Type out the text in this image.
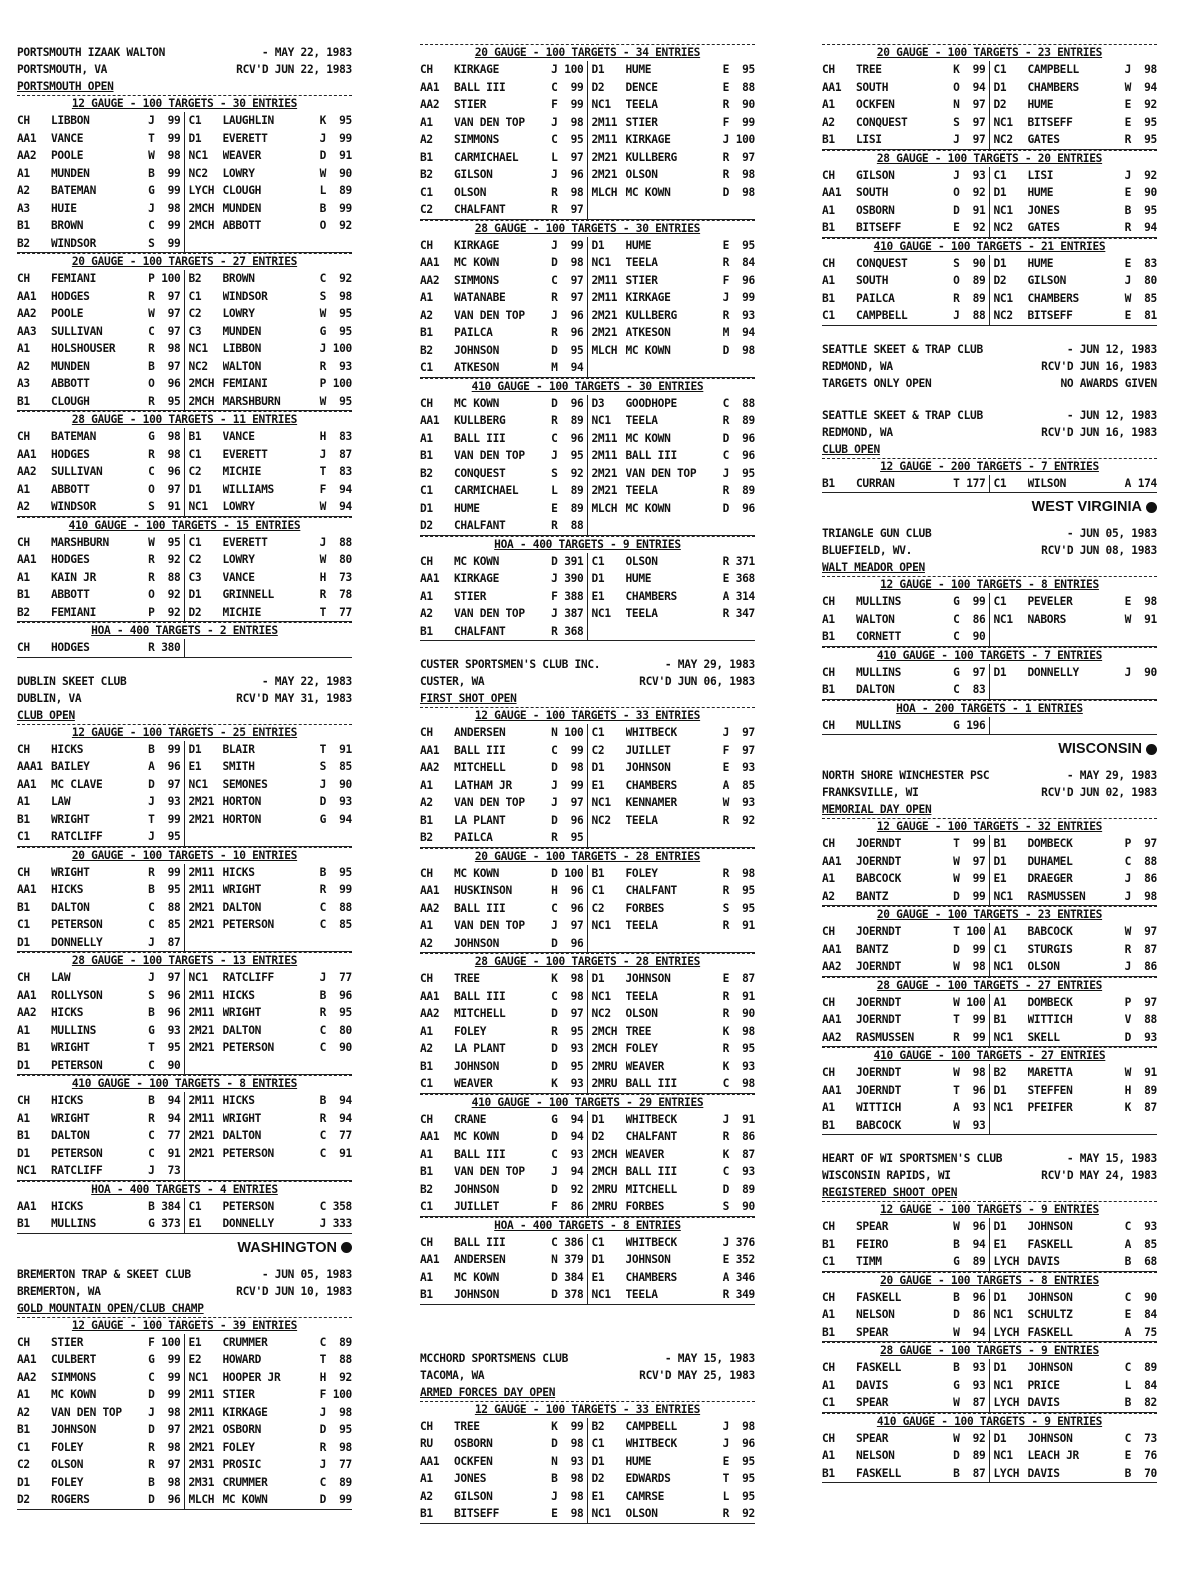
PORTSMOUTH IZAAK WALTON	- MAY 22, 1983
PORTSMOUTH, VA	RCV'D JUN 22, 1983
PORTSMOUTH OPEN
12 GAUGE - 100 TARGETS - 30 ENTRIES
CH	LIBBON	J	99 C1	LAUGHLIN	K	95
AA1	VANCE	T	99 D1	EVERETT	J	99
AA2	POOLE	W	98 NC1	WEAVER	D	91
A1	MUNDEN	B	99 NC2	LOWRY	W	90
A2	BATEMAN	G	99 LYCH CLOUGH	L	89
A3	HUIE	J	98 2MCH MUNDEN	B	99
B1	BROWN	C	99 2MCH ABBOTT	O	92
B2	WINDSOR	S	99
20 GAUGE - 100 TARGETS - 27 ENTRIES
CH	FEMIANI	P 100 B2	BROWN	C	92
AA1	HODGES	R	97 C1	WINDSOR	S	98
AA2	POOLE	W	97 C2	LOWRY	W	95
AA3	SULLIVAN	C	97 C3	MUNDEN	G	95
A1	HOLSHOUSER	R	98 NC1	LIBBON	J 100
A2	MUNDEN	B	97 NC2	WALTON	R	93
A3	ABBOTT	O	96 2MCH FEMIANI	P 100
B1	CLOUGH	R	95 2MCH MARSHBURN	W	95
28 GAUGE - 100 TARGETS - 11 ENTRIES
CH	BATEMAN	G	98 B1	VANCE	H	83
AA1	HODGES	R	98 C1	EVERETT	J	87
AA2	SULLIVAN	C	96 C2	MICHIE	T	83
A1	ABBOTT	O	97 D1	WILLIAMS	F	94
A2	WINDSOR	S	91 NC1	LOWRY	W	94
410 GAUGE - 100 TARGETS - 15 ENTRIES
CH	MARSHBURN	W	95 C1	EVERETT	J	88
AA1	HODGES	R	92 C2	LOWRY	W	80
A1	KAIN JR	R	88 C3	VANCE	H	73
B1	ABBOTT	O	92 D1	GRINNELL	R	78
B2	FEMIANI	P	92 D2	MICHIE	T	77
HOA - 400 TARGETS - 2 ENTRIES
CH	HODGES	R 380
DUBLIN SKEET CLUB	- MAY 22, 1983
DUBLIN, VA	RCV'D MAY 31, 1983
CLUB OPEN
12 GAUGE - 100 TARGETS - 25 ENTRIES
CH	HICKS	B	99 D1	BLAIR	T	91
AAA1 BAILEY	A	96 E1	SMITH	S	85
AA1	MC CLAVE	D	97 NC1	SEMONES	J	90
A1	LAW	J	93 2M21 HORTON	D	93
B1	WRIGHT	T	99 2M21 HORTON	G	94
C1	RATCLIFF	J	95
20 GAUGE - 100 TARGETS - 10 ENTRIES
CH	WRIGHT	R	99 2M11 HICKS	B	95
AA1	HICKS	B	95 2M11 WRIGHT	R	99
B1	DALTON	C	88 2M21 DALTON	C	88
C1	PETERSON	C	85 2M21 PETERSON	C	85
D1	DONNELLY	J	87
28 GAUGE - 100 TARGETS - 13 ENTRIES
CH	LAW	J	97 NC1	RATCLIFF	J	77
AA1	ROLLYSON	S	96 2M11 HICKS	B	96
AA2	HICKS	B	96 2M11 WRIGHT	R	95
A1	MULLINS	G	93 2M21 DALTON	C	80
B1	WRIGHT	T	95 2M21 PETERSON	C	90
D1	PETERSON	C	90
410 GAUGE - 100 TARGETS - 8 ENTRIES
CH	HICKS	B	94 2M11 HICKS	B	94
A1	WRIGHT	R	94 2M11 WRIGHT	R	94
B1	DALTON	C	77 2M21 DALTON	C	77
D1	PETERSON	C	91 2M21 PETERSON	C	91
NC1	RATCLIFF	J	73
HOA - 400 TARGETS - 4 ENTRIES
AA1	HICKS	B 384 C1	PETERSON	C 358
B1	MULLINS	G 373 E1	DONNELLY	J 333
WASHINGTON
BREMERTON TRAP & SKEET CLUB	- JUN 05, 1983
BREMERTON, WA	RCV'D JUN 10, 1983
GOLD MOUNTAIN OPEN/CLUB CHAMP
12 GAUGE - 100 TARGETS - 39 ENTRIES
CH	STIER	F 100 E1	CRUMMER	C	89
AA1	CULBERT	G	99 E2	HOWARD	T	88
AA2	SIMMONS	C	99 NC1	HOOPER JR	H	92
A1	MC KOWN	D	99 2M11 STIER	F 100
A2	VAN DEN TOP	J	98 2M11 KIRKAGE	J	98
B1	JOHNSON	D	97 2M21 OSBORN	D	95
C1	FOLEY	R	98 2M21 FOLEY	R	98
C2	OLSON	R	97 2M31 PROSIC	J	77
D1	FOLEY	B	98 2M31 CRUMMER	C	89
D2	ROGERS	D	96 MLCH MC KOWN	D	99
20 GAUGE - 100 TARGETS - 34 ENTRIES
CH	KIRKAGE	J 100 D1	HUME	E	95
AA1	BALL III	C	99 D2	DENCE	E	88
AA2	STIER	F	99 NC1	TEELA	R	90
A1	VAN DEN TOP	J	98 2M11 STIER	F	99
A2	SIMMONS	C	95 2M11 KIRKAGE	J 100
B1	CARMICHAEL	L	97 2M21 KULLBERG	R	97
B2	GILSON	J	96 2M21 OLSON	R	98
C1	OLSON	R	98 MLCH MC KOWN	D	98
C2	CHALFANT	R	97
28 GAUGE - 100 TARGETS - 30 ENTRIES
CH	KIRKAGE	J	99 D1	HUME	E	95
AA1	MC KOWN	D	98 NC1	TEELA	R	84
AA2	SIMMONS	C	97 2M11 STIER	F	96
A1	WATANABE	R	97 2M11 KIRKAGE	J	99
A2	VAN DEN TOP	J	96 2M21 KULLBERG	R	93
B1	PAILCA	R	96 2M21 ATKESON	M	94
B2	JOHNSON	D	95 MLCH MC KOWN	D	98
C1	ATKESON	M	94
410 GAUGE - 100 TARGETS - 30 ENTRIES
CH	MC KOWN	D	96 D3	GOODHOPE	C	88
AA1	KULLBERG	R	89 NC1	TEELA	R	89
A1	BALL III	C	96 2M11 MC KOWN	D	96
B1	VAN DEN TOP	J	95 2M11 BALL III	C	96
B2	CONQUEST	S	92 2M21 VAN DEN TOP	J	95
C1	CARMICHAEL	L	89 2M21 TEELA	R	89
D1	HUME	E	89 MLCH MC KOWN	D	96
D2	CHALFANT	R	88
HOA - 400 TARGETS - 9 ENTRIES
CH	MC KOWN	D 391 C1	OLSON	R 371
AA1	KIRKAGE	J 390 D1	HUME	E 368
A1	STIER	F 388 E1	CHAMBERS	A 314
A2	VAN DEN TOP	J 387 NC1	TEELA	R 347
B1	CHALFANT	R 368
CUSTER SPORTSMEN'S CLUB INC.	- MAY 29, 1983
CUSTER, WA	RCV'D JUN 06, 1983
FIRST SHOT OPEN
12 GAUGE - 100 TARGETS - 33 ENTRIES
CH	ANDERSEN	N 100 C1	WHITBECK	J	97
AA1	BALL III	C	99 C2	JUILLET	F	97
AA2	MITCHELL	D	98 D1	JOHNSON	E	93
A1	LATHAM JR	J	99 E1	CHAMBERS	A	85
A2	VAN DEN TOP	J	97 NC1	KENNAMER	W	93
B1	LA PLANT	D	96 NC2	TEELA	R	92
B2	PAILCA	R	95
20 GAUGE - 100 TARGETS - 28 ENTRIES
CH	MC KOWN	D 100 B1	FOLEY	R	98
AA1	HUSKINSON	H	96 C1	CHALFANT	R	95
AA2	BALL III	C	96 C2	FORBES	S	95
A1	VAN DEN TOP	J	97 NC1	TEELA	R	91
A2	JOHNSON	D	96
28 GAUGE - 100 TARGETS - 28 ENTRIES
CH	TREE	K	98 D1	JOHNSON	E	87
AA1	BALL III	C	98 NC1	TEELA	R	91
AA2	MITCHELL	D	97 NC2	OLSON	R	90
A1	FOLEY	R	95 2MCH TREE	K	98
A2	LA PLANT	D	93 2MCH FOLEY	R	95
B1	JOHNSON	D	95 2MRU WEAVER	K	93
C1	WEAVER	K	93 2MRU BALL III	C	98
410 GAUGE - 100 TARGETS - 29 ENTRIES
CH	CRANE	G	94 D1	WHITBECK	J	91
AA1	MC KOWN	D	94 D2	CHALFANT	R	86
A1	BALL III	C	93 2MCH WEAVER	K	87
B1	VAN DEN TOP	J	94 2MCH BALL III	C	93
B2	JOHNSON	D	92 2MRU MITCHELL	D	89
C1	JUILLET	F	86 2MRU FORBES	S	90
HOA - 400 TARGETS - 8 ENTRIES
CH	BALL III	C 386 C1	WHITBECK	J 376
AA1	ANDERSEN	N 379 D1	JOHNSON	E 352
A1	MC KOWN	D 384 E1	CHAMBERS	A 346
B1	JOHNSON	D 378 NC1	TEELA	R 349
MCCHORD SPORTSMENS CLUB	- MAY 15, 1983
TACOMA, WA	RCV'D MAY 25, 1983
ARMED FORCES DAY OPEN
12 GAUGE - 100 TARGETS - 33 ENTRIES
CH	TREE	K	99 B2	CAMPBELL	J	98
RU	OSBORN	D	98 C1	WHITBECK	J	96
AA1	OCKFEN	N	93 D1	HUME	E	95
A1	JONES	B	98 D2	EDWARDS	T	95
A2	GILSON	J	98 E1	CAMRSE	L	95
B1	BITSEFF	E	98 NC1	OLSON	R	92
20 GAUGE - 100 TARGETS - 23 ENTRIES
CH	TREE	K	99 C1	CAMPBELL	J	98
AA1	SOUTH	O	94 D1	CHAMBERS	W	94
A1	OCKFEN	N	97 D2	HUME	E	92
A2	CONQUEST	S	97 NC1	BITSEFF	E	95
B1	LISI	J	97 NC2	GATES	R	95
28 GAUGE - 100 TARGETS - 20 ENTRIES
CH	GILSON	J	93 C1	LISI	J	92
AA1	SOUTH	O	92 D1	HUME	E	90
A1	OSBORN	D	91 NC1	JONES	B	95
B1	BITSEFF	E	92 NC2	GATES	R	94
410 GAUGE - 100 TARGETS - 21 ENTRIES
CH	CONQUEST	S	90 D1	HUME	E	83
A1	SOUTH	O	89 D2	GILSON	J	80
B1	PAILCA	R	89 NC1	CHAMBERS	W	85
C1	CAMPBELL	J	88 NC2	BITSEFF	E	81
SEATTLE SKEET & TRAP CLUB	- JUN 12, 1983
REDMOND, WA	RCV'D JUN 16, 1983
TARGETS ONLY OPEN	NO AWARDS GIVEN
SEATTLE SKEET & TRAP CLUB	- JUN 12, 1983
REDMOND, WA	RCV'D JUN 16, 1983
CLUB OPEN
12 GAUGE - 200 TARGETS - 7 ENTRIES
B1	CURRAN	T 177 C1	WILSON	A 174
WEST VIRGINIA
TRIANGLE GUN CLUB	- JUN 05, 1983
BLUEFIELD, WV.	RCV'D JUN 08, 1983
WALT MEADOR OPEN
12 GAUGE - 100 TARGETS - 8 ENTRIES
CH	MULLINS	G	99 C1	PEVELER	E	98
A1	WALTON	C	86 NC1	NABORS	W	91
B1	CORNETT	C	90
410 GAUGE - 100 TARGETS - 7 ENTRIES
CH	MULLINS	G	97 D1	DONNELLY	J	90
B1	DALTON	C	83
HOA - 200 TARGETS - 1 ENTRIES
CH	MULLINS	G 196
WISCONSIN
NORTH SHORE WINCHESTER PSC	- MAY 29, 1983
FRANKSVILLE, WI	RCV'D JUN 02, 1983
MEMORIAL DAY OPEN
12 GAUGE - 100 TARGETS - 32 ENTRIES
CH	JOERNDT	T	99 B1	DOMBECK	P	97
AA1	JOERNDT	W	97 D1	DUHAMEL	C	88
A1	BABCOCK	W	99 E1	DRAEGER	J	86
A2	BANTZ	D	99 NC1	RASMUSSEN	J	98
20 GAUGE - 100 TARGETS - 23 ENTRIES
CH	JOERNDT	T 100 A1	BABCOCK	W	97
AA1	BANTZ	D	99 C1	STURGIS	R	87
AA2	JOERNDT	W	98 NC1	OLSON	J	86
28 GAUGE - 100 TARGETS - 27 ENTRIES
CH	JOERNDT	W 100 A1	DOMBECK	P	97
AA1	JOERNDT	T	99 B1	WITTICH	V	88
AA2	RASMUSSEN	R	99 NC1	SKELL	D	93
410 GAUGE - 100 TARGETS - 27 ENTRIES
CH	JOERNDT	W	98 B2	MARETTA	W	91
AA1	JOERNDT	T	96 D1	STEFFEN	H	89
A1	WITTICH	A	93 NC1	PFEIFER	K	87
B1	BABCOCK	W	93
HEART OF WI SPORTSMEN'S CLUB	- MAY 15, 1983
WISCONSIN RAPIDS, WI	RCV'D MAY 24, 1983
REGISTERED SHOOT OPEN
12 GAUGE - 100 TARGETS - 9 ENTRIES
CH	SPEAR	W	96 D1	JOHNSON	C	93
B1	FEIRO	B	94 E1	FASKELL	A	85
C1	TIMM	G	89 LYCH DAVIS	B	68
20 GAUGE - 100 TARGETS - 8 ENTRIES
CH	FASKELL	B	96 D1	JOHNSON	C	90
A1	NELSON	D	86 NC1	SCHULTZ	E	84
B1	SPEAR	W	94 LYCH FASKELL	A	75
28 GAUGE - 100 TARGETS - 9 ENTRIES
CH	FASKELL	B	93 D1	JOHNSON	C	89
A1	DAVIS	G	93 NC1	PRICE	L	84
C1	SPEAR	W	87 LYCH DAVIS	B	82
410 GAUGE - 100 TARGETS - 9 ENTRIES
CH	SPEAR	W	92 D1	JOHNSON	C	73
A1	NELSON	D	89 NC1	LEACH JR	E	76
B1	FASKELL	B	87 LYCH DAVIS	B	70
